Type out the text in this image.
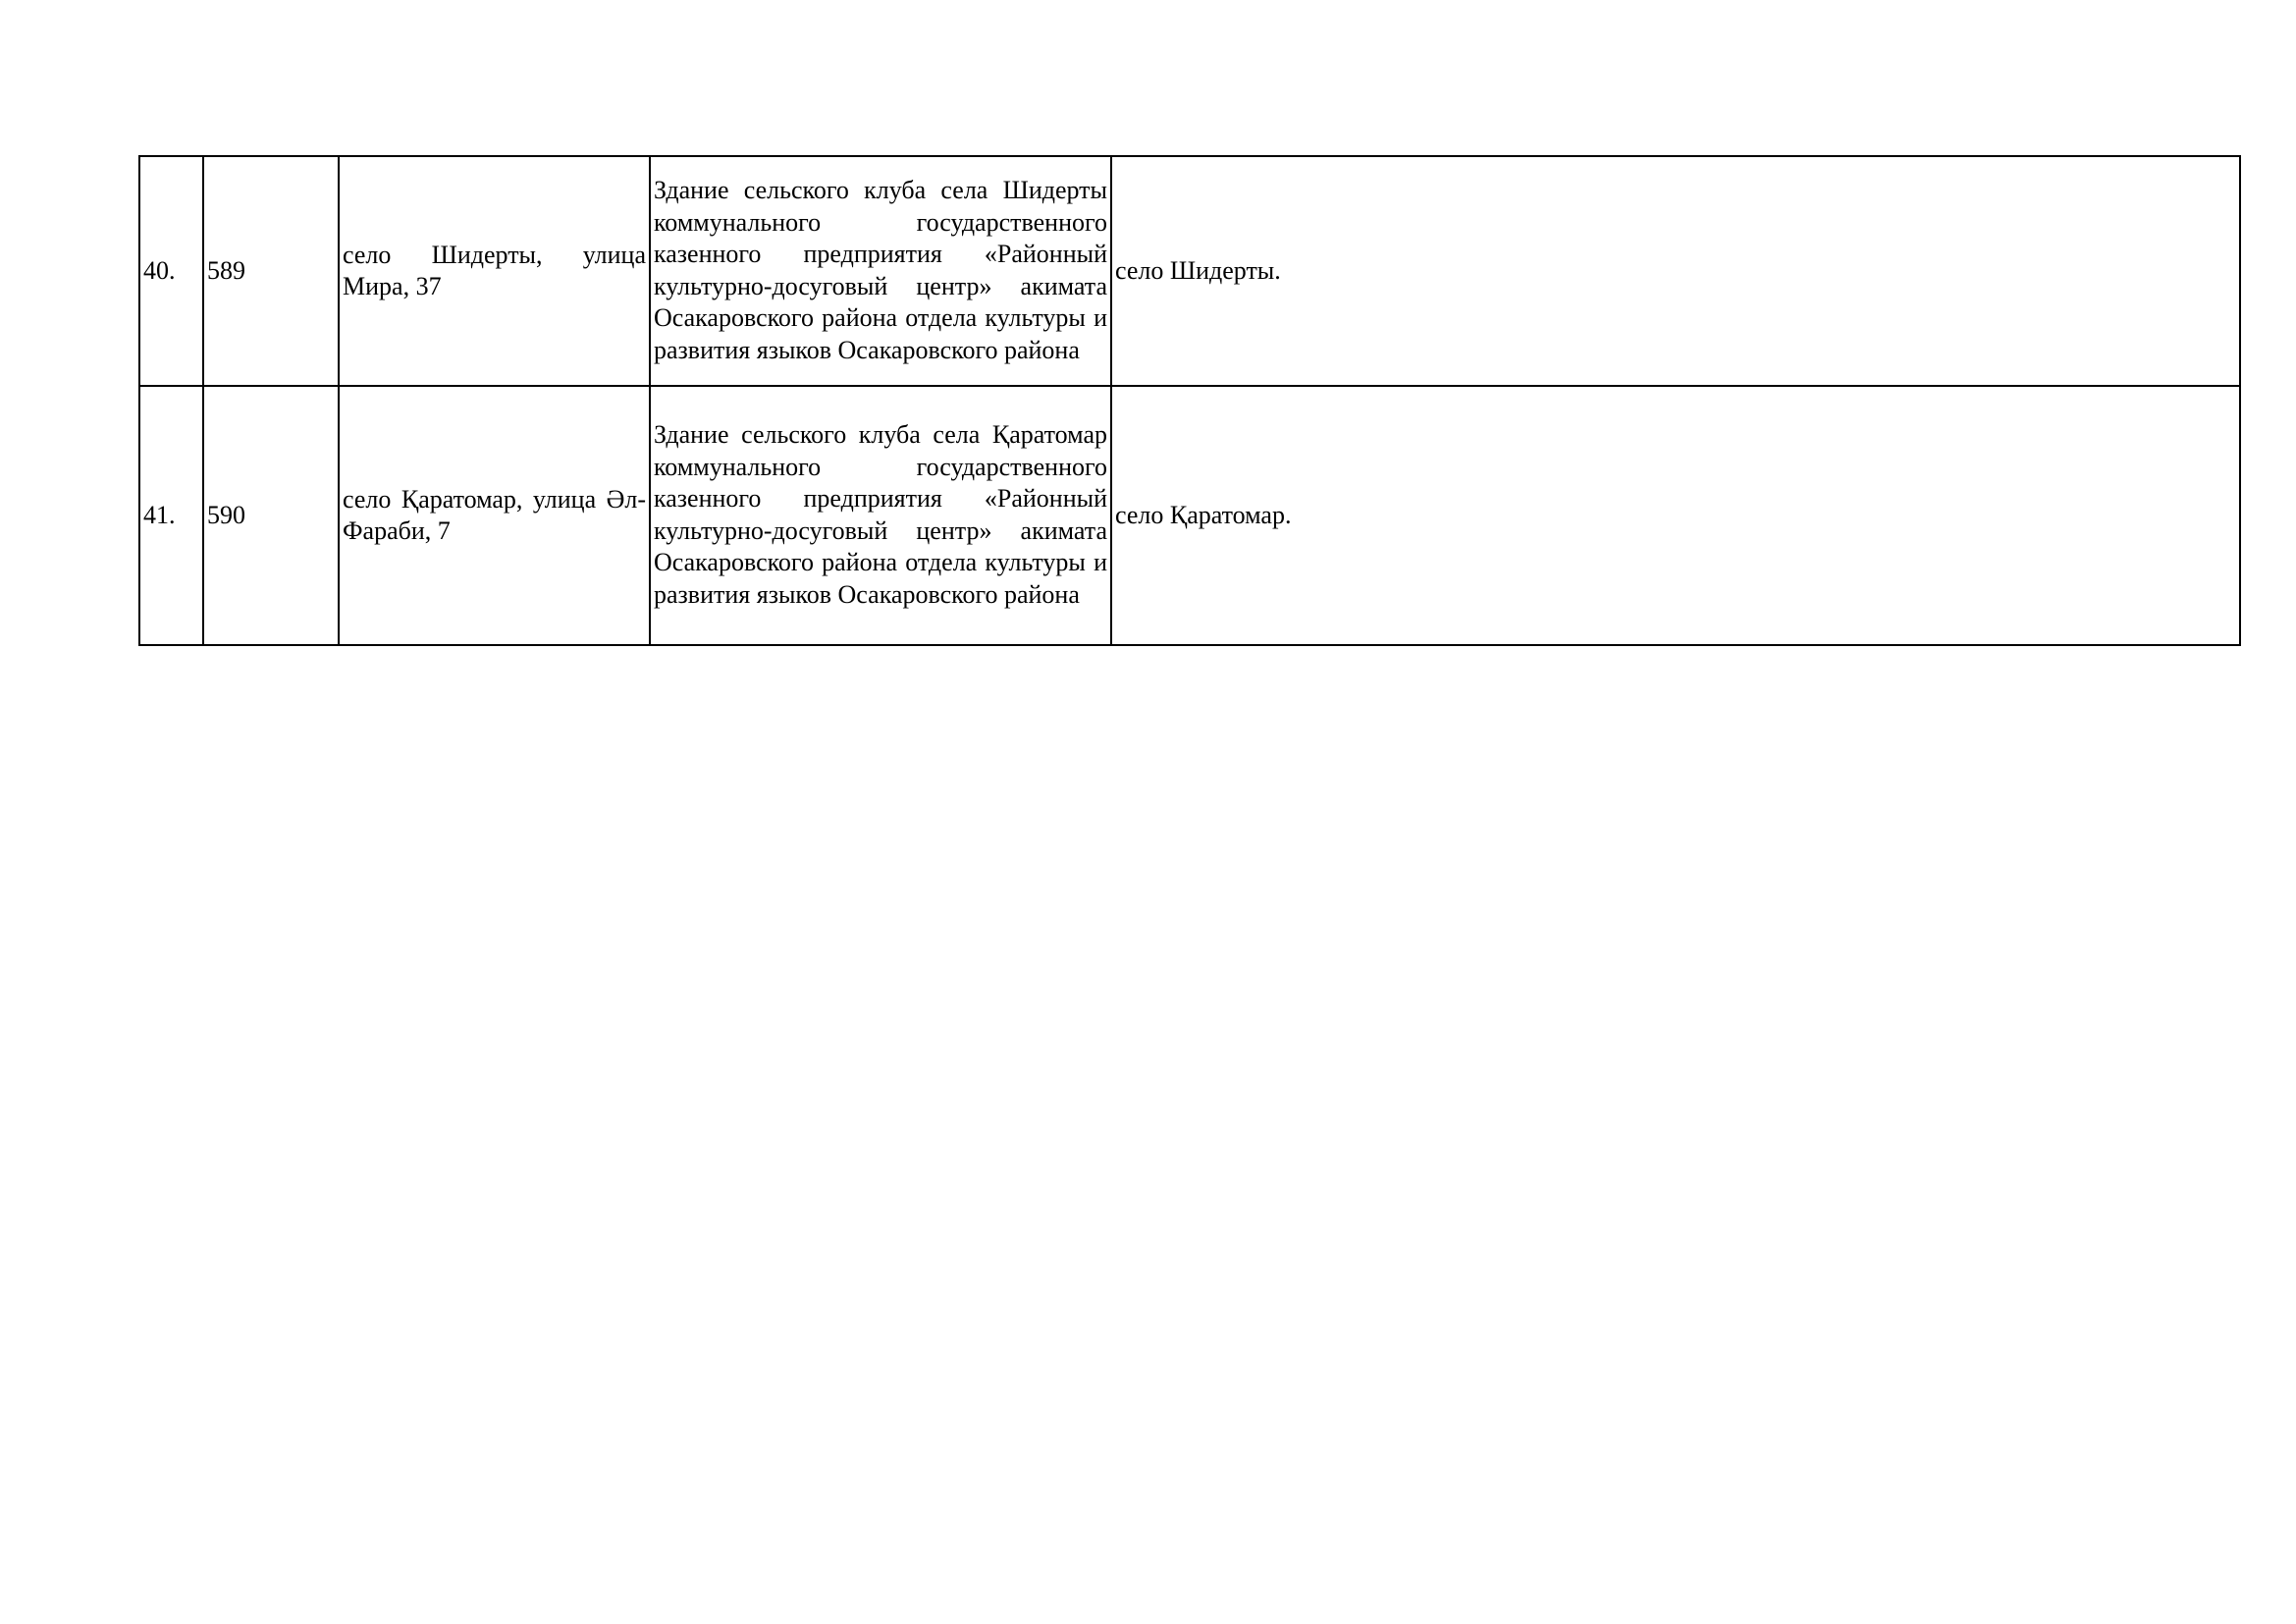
40.	589	село Шидерты, улица Мира, 37	Здание сельского клуба села Шидерты коммунального государственного казенного предприятия «Районный культурно-досуговый центр» акимата Осакаровского района отдела культуры и развития языков Осакаровского района	село Шидерты.
41.	590	село Қаратомар, улица Әл-Фараби, 7	Здание сельского клуба села Қаратомар коммунального государственного казенного предприятия «Районный культурно-досуговый центр» акимата Осакаровского района отдела культуры и развития языков Осакаровского района	село Қаратомар.
